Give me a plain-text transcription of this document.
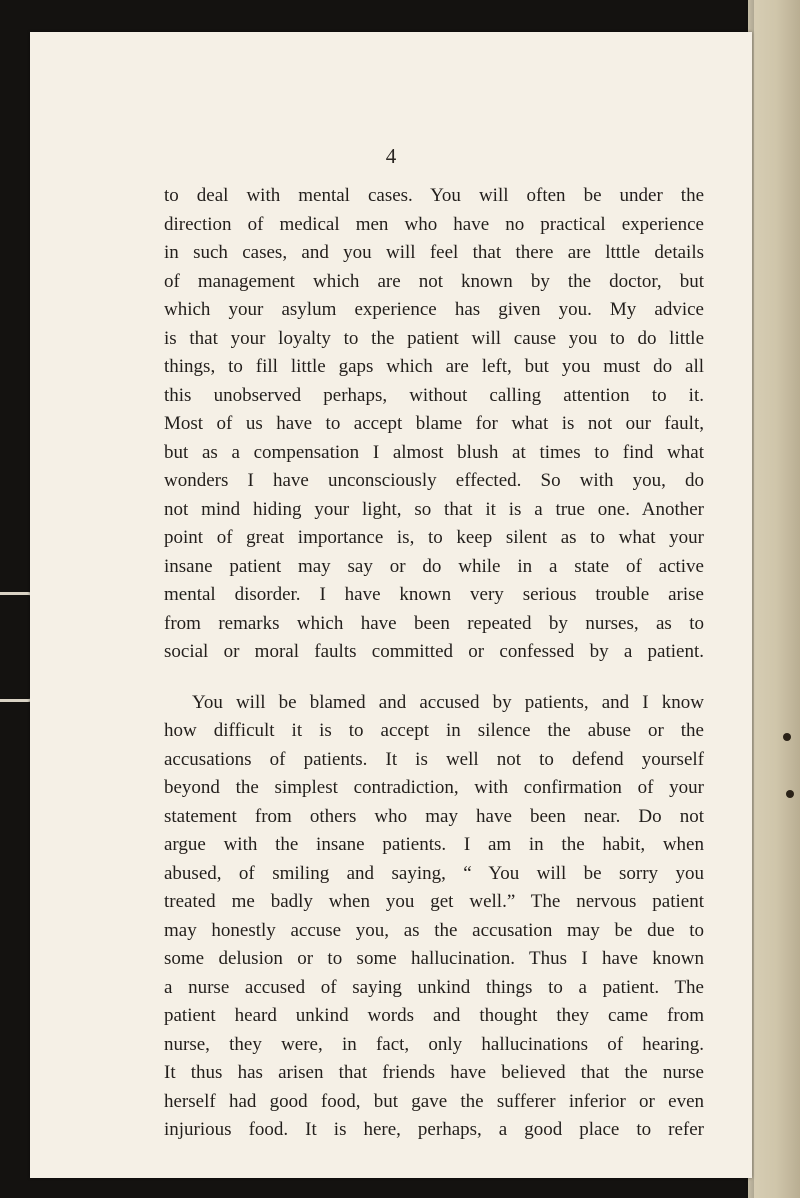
4
to deal with mental cases. You will often be under the
direction of medical men who have no practical experience
in such cases, and you will feel that there are ltttle details
of management which are not known by the doctor, but
which your asylum experience has given you. My advice
is that your loyalty to the patient will cause you to do little
things, to fill little gaps which are left, but you must do all
this unobserved perhaps, without calling attention to it.
Most of us have to accept blame for what is not our fault,
but as a compensation I almost blush at times to find what
wonders I have unconsciously effected. So with you, do
not mind hiding your light, so that it is a true one. Another
point of great importance is, to keep silent as to what your
insane patient may say or do while in a state of active
mental disorder. I have known very serious trouble arise
from remarks which have been repeated by nurses, as to
social or moral faults committed or confessed by a patient.
You will be blamed and accused by patients, and I know
how difficult it is to accept in silence the abuse or the
accusations of patients. It is well not to defend yourself
beyond the simplest contradiction, with confirmation of your
statement from others who may have been near. Do not
argue with the insane patients. I am in the habit, when
abused, of smiling and saying, “ You will be sorry you
treated me badly when you get well.” The nervous patient
may honestly accuse you, as the accusation may be due to
some delusion or to some hallucination. Thus I have known
a nurse accused of saying unkind things to a patient. The
patient heard unkind words and thought they came from
nurse, they were, in fact, only hallucinations of hearing.
It thus has arisen that friends have believed that the nurse
herself had good food, but gave the sufferer inferior or even
injurious food. It is here, perhaps, a good place to refer
